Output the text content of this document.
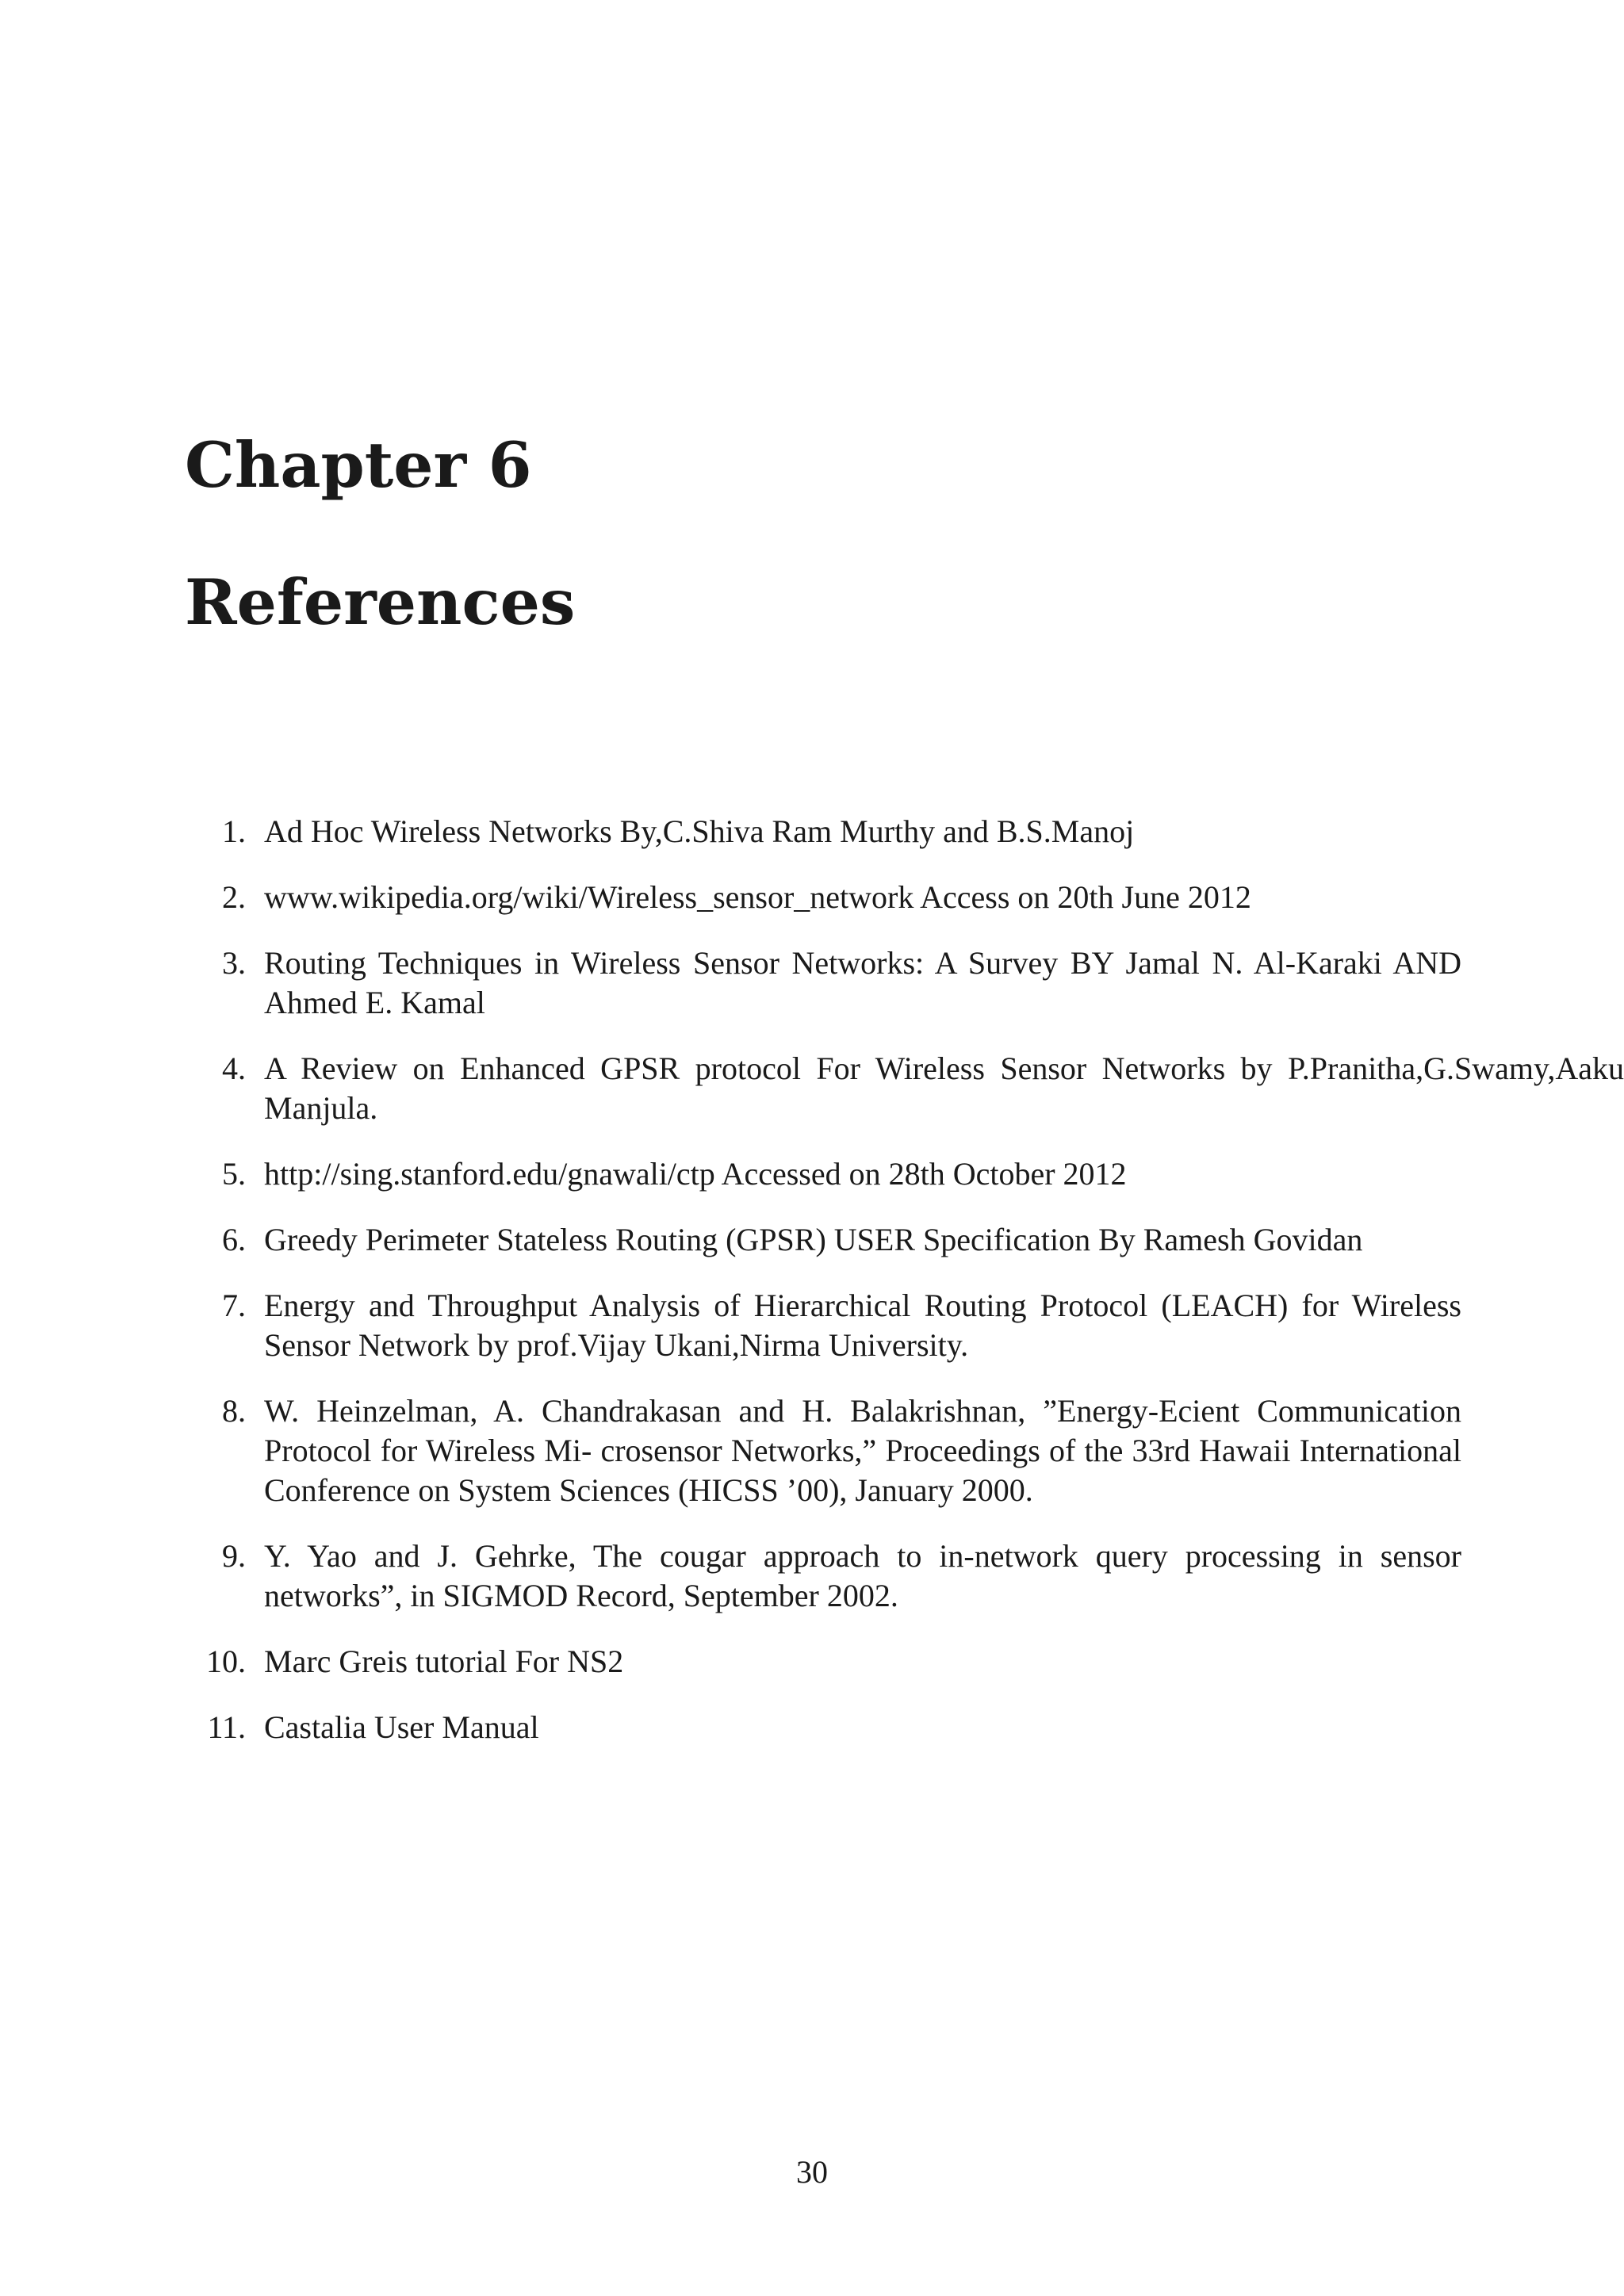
Chapter 6
References
1. Ad Hoc Wireless Networks By,C.Shiva Ram Murthy and B.S.Manoj
2. www.wikipedia.org/wiki/Wireless_sensor_network Access on 20th June 2012
3. Routing Techniques in Wireless Sensor Networks: A Survey BY Jamal N. Al-Karaki AND Ahmed E. Kamal
4. A Review on Enhanced GPSR protocol For Wireless Sensor Networks by P.Pranitha,G.Swamy,Aaku Manjula.
5. http://sing.stanford.edu/gnawali/ctp Accessed on 28th October 2012
6. Greedy Perimeter Stateless Routing (GPSR) USER Specification By Ramesh Govidan
7. Energy and Throughput Analysis of Hierarchical Routing Protocol (LEACH) for Wireless Sensor Network by prof.Vijay Ukani,Nirma University.
8. W. Heinzelman, A. Chandrakasan and H. Balakrishnan, ”Energy-Ecient Communication Protocol for Wireless Mi- crosensor Networks,” Proceedings of the 33rd Hawaii International Conference on System Sciences (HICSS ’00), January 2000.
9. Y. Yao and J. Gehrke, The cougar approach to in-network query processing in sensor networks”, in SIGMOD Record, September 2002.
10. Marc Greis tutorial For NS2
11. Castalia User Manual
30
